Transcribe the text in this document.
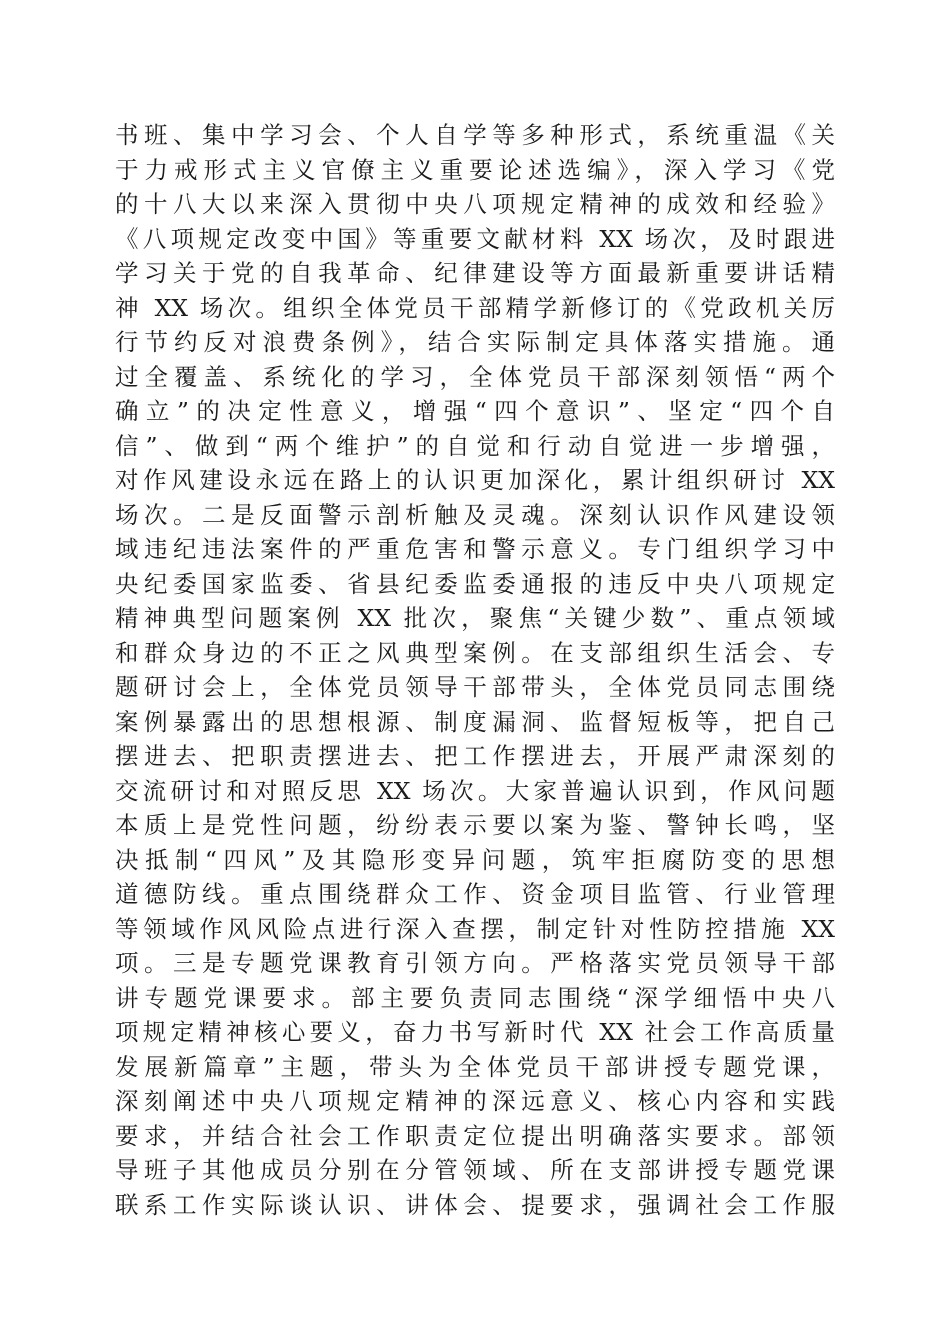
书班、集中学习会、个人自学等多种形式，系统重温《关
于力戒形式主义官僚主义重要论述选编》，深入学习《党
的十八大以来深入贯彻中央八项规定精神的成效和经验》
《八项规定改变中国》等重要文献材料 XX 场次，及时跟进
学习关于党的自我革命、纪律建设等方面最新重要讲话精
神 XX 场次。组织全体党员干部精学新修订的《党政机关厉
行节约反对浪费条例》，结合实际制定具体落实措施。通
过全覆盖、系统化的学习，全体党员干部深刻领悟“两个
确立”的决定性意义，增强“四个意识”、坚定“四个自
信”、做到“两个维护”的自觉和行动自觉进一步增强，
对作风建设永远在路上的认识更加深化，累计组织研讨 XX
场次。二是反面警示剖析触及灵魂。深刻认识作风建设领
域违纪违法案件的严重危害和警示意义。专门组织学习中
央纪委国家监委、省县纪委监委通报的违反中央八项规定
精神典型问题案例 XX 批次，聚焦“关键少数”、重点领域
和群众身边的不正之风典型案例。在支部组织生活会、专
题研讨会上，全体党员领导干部带头，全体党员同志围绕
案例暴露出的思想根源、制度漏洞、监督短板等，把自己
摆进去、把职责摆进去、把工作摆进去，开展严肃深刻的
交流研讨和对照反思 XX 场次。大家普遍认识到，作风问题
本质上是党性问题，纷纷表示要以案为鉴、警钟长鸣，坚
决抵制“四风”及其隐形变异问题，筑牢拒腐防变的思想
道德防线。重点围绕群众工作、资金项目监管、行业管理
等领域作风风险点进行深入查摆，制定针对性防控措施 XX
项。三是专题党课教育引领方向。严格落实党员领导干部
讲专题党课要求。部主要负责同志围绕“深学细悟中央八
项规定精神核心要义，奋力书写新时代 XX 社会工作高质量
发展新篇章”主题，带头为全体党员干部讲授专题党课，
深刻阐述中央八项规定精神的深远意义、核心内容和实践
要求，并结合社会工作职责定位提出明确落实要求。部领
导班子其他成员分别在分管领域、所在支部讲授专题党课
联系工作实际谈认识、讲体会、提要求，强调社会工作服
